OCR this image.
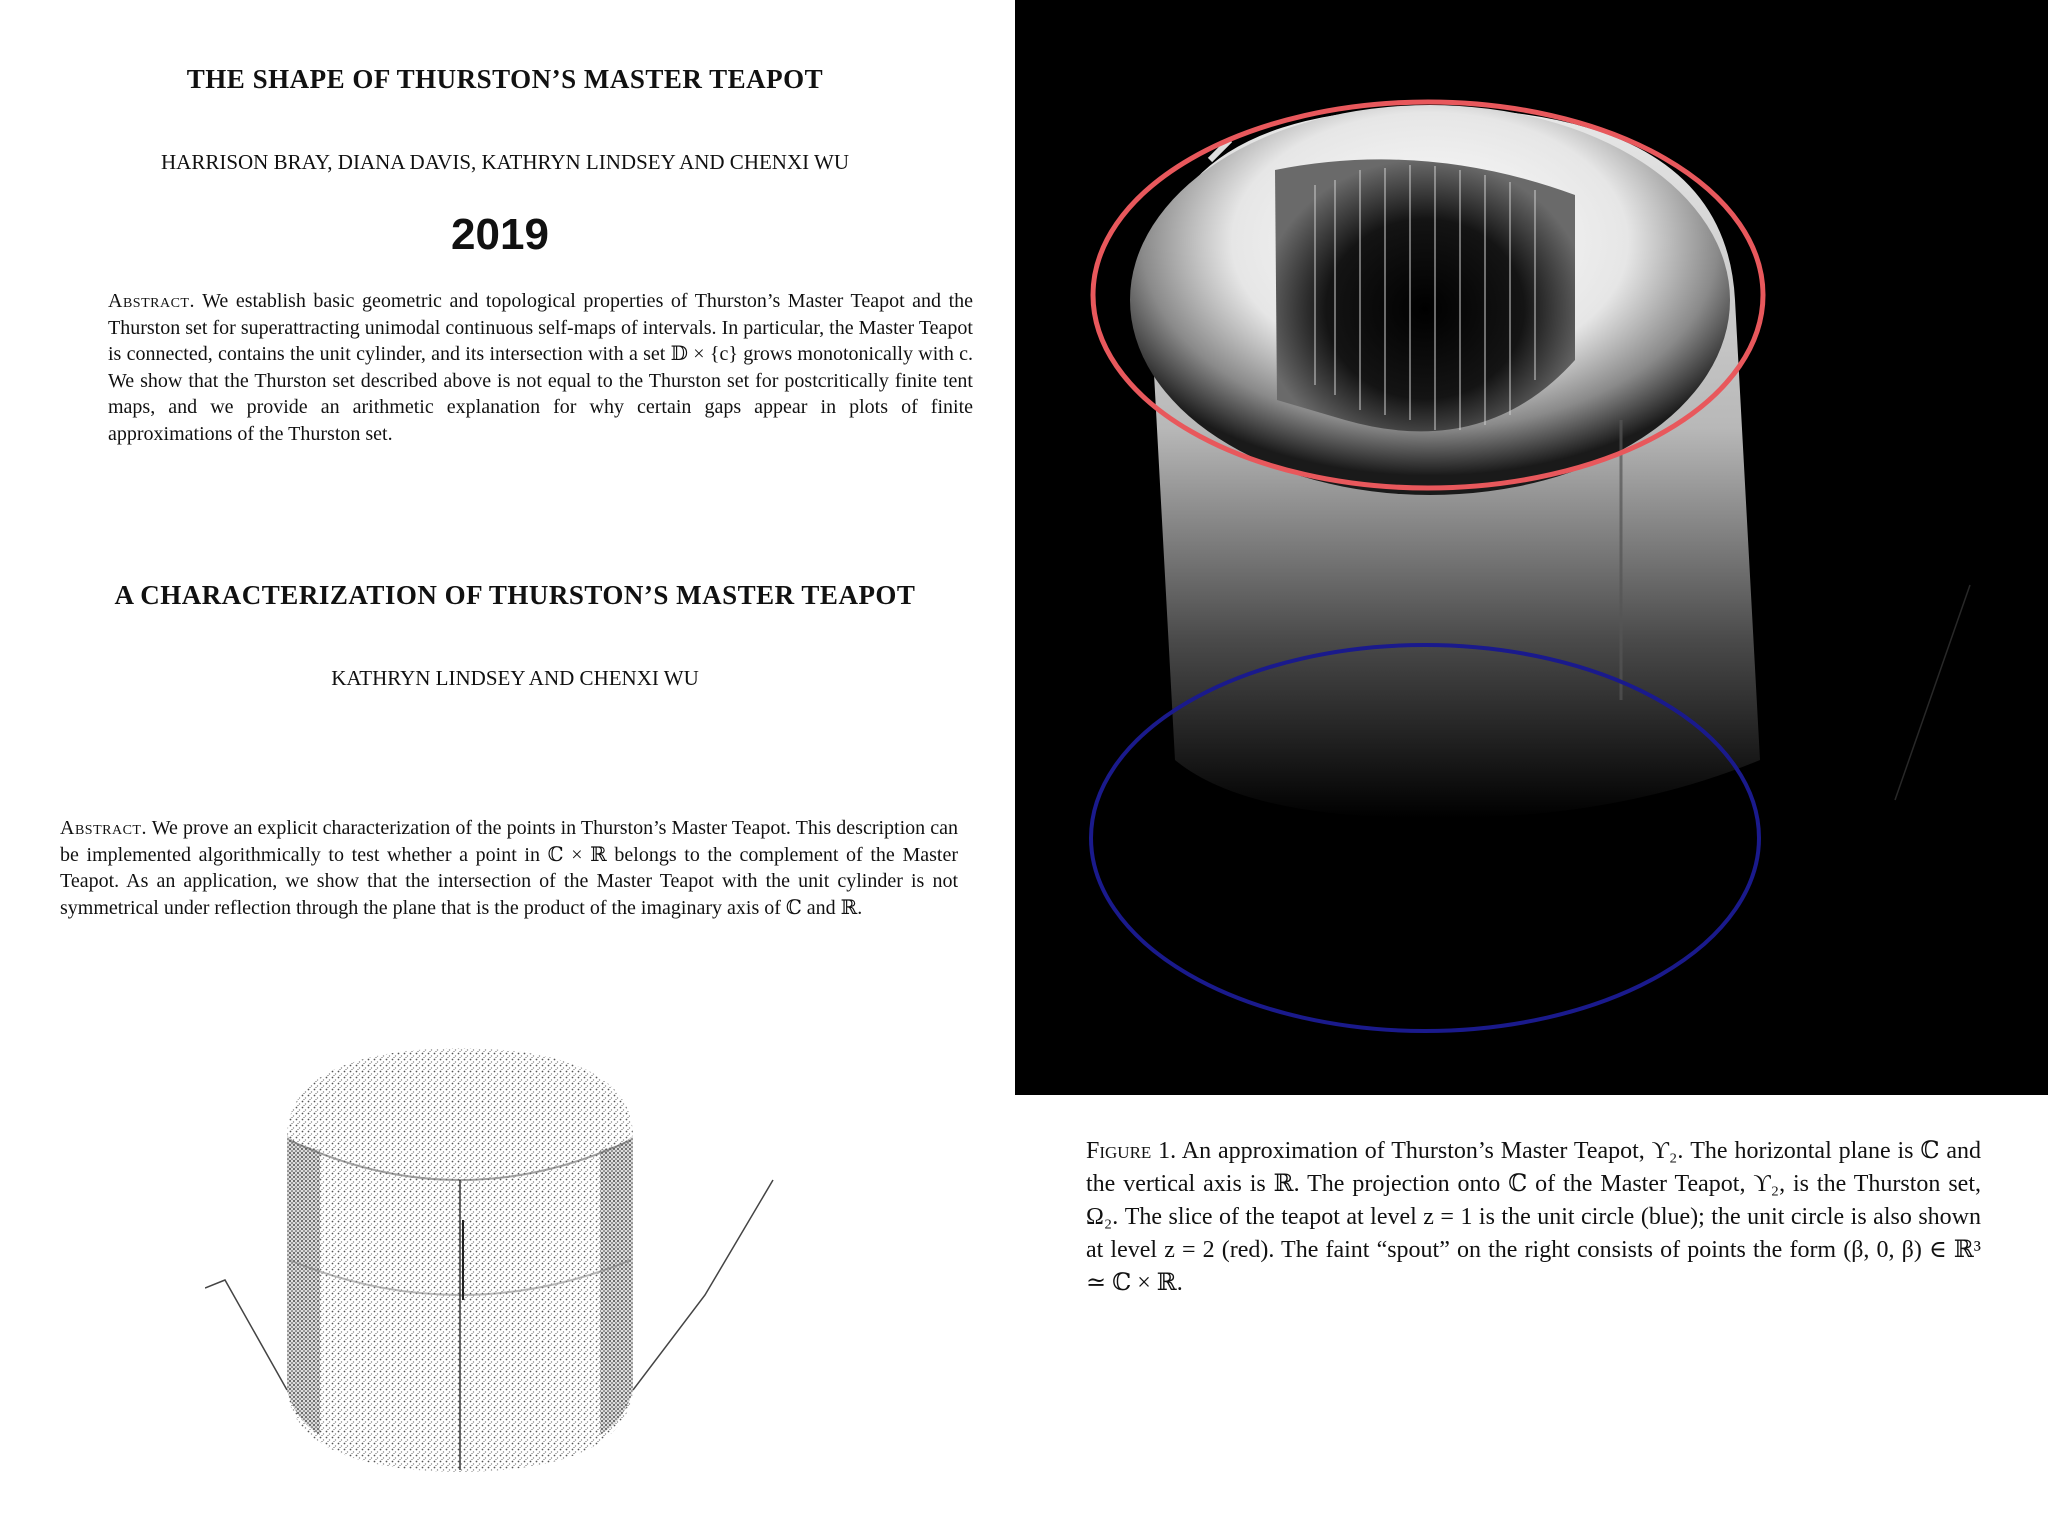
THE SHAPE OF THURSTON’S MASTER TEAPOT
HARRISON BRAY, DIANA DAVIS, KATHRYN LINDSEY AND CHENXI WU
2019
Abstract. We establish basic geometric and topological properties of Thurston’s Master Teapot and the Thurston set for superattracting unimodal continuous self-maps of intervals. In particular, the Master Teapot is connected, contains the unit cylinder, and its intersection with a set 𝔻 × {c} grows monotonically with c. We show that the Thurston set described above is not equal to the Thurston set for postcritically finite tent maps, and we provide an arithmetic explanation for why certain gaps appear in plots of finite approximations of the Thurston set.
A CHARACTERIZATION OF THURSTON’S MASTER TEAPOT
KATHRYN LINDSEY AND CHENXI WU
Abstract. We prove an explicit characterization of the points in Thurston’s Master Teapot. This description can be implemented algorithmically to test whether a point in ℂ × ℝ belongs to the complement of the Master Teapot. As an application, we show that the intersection of the Master Teapot with the unit cylinder is not symmetrical under reflection through the plane that is the product of the imaginary axis of ℂ and ℝ.
Figure 1. An approximation of Thurston’s Master Teapot, ϒ₂. The horizontal plane is ℂ and the vertical axis is ℝ. The projection onto ℂ of the Master Teapot, ϒ₂, is the Thurston set, Ω₂. The slice of the teapot at level z = 1 is the unit circle (blue); the unit circle is also shown at level z = 2 (red). The faint “spout” on the right consists of points the form (β, 0, β) ∈ ℝ³ ≃ ℂ × ℝ.
